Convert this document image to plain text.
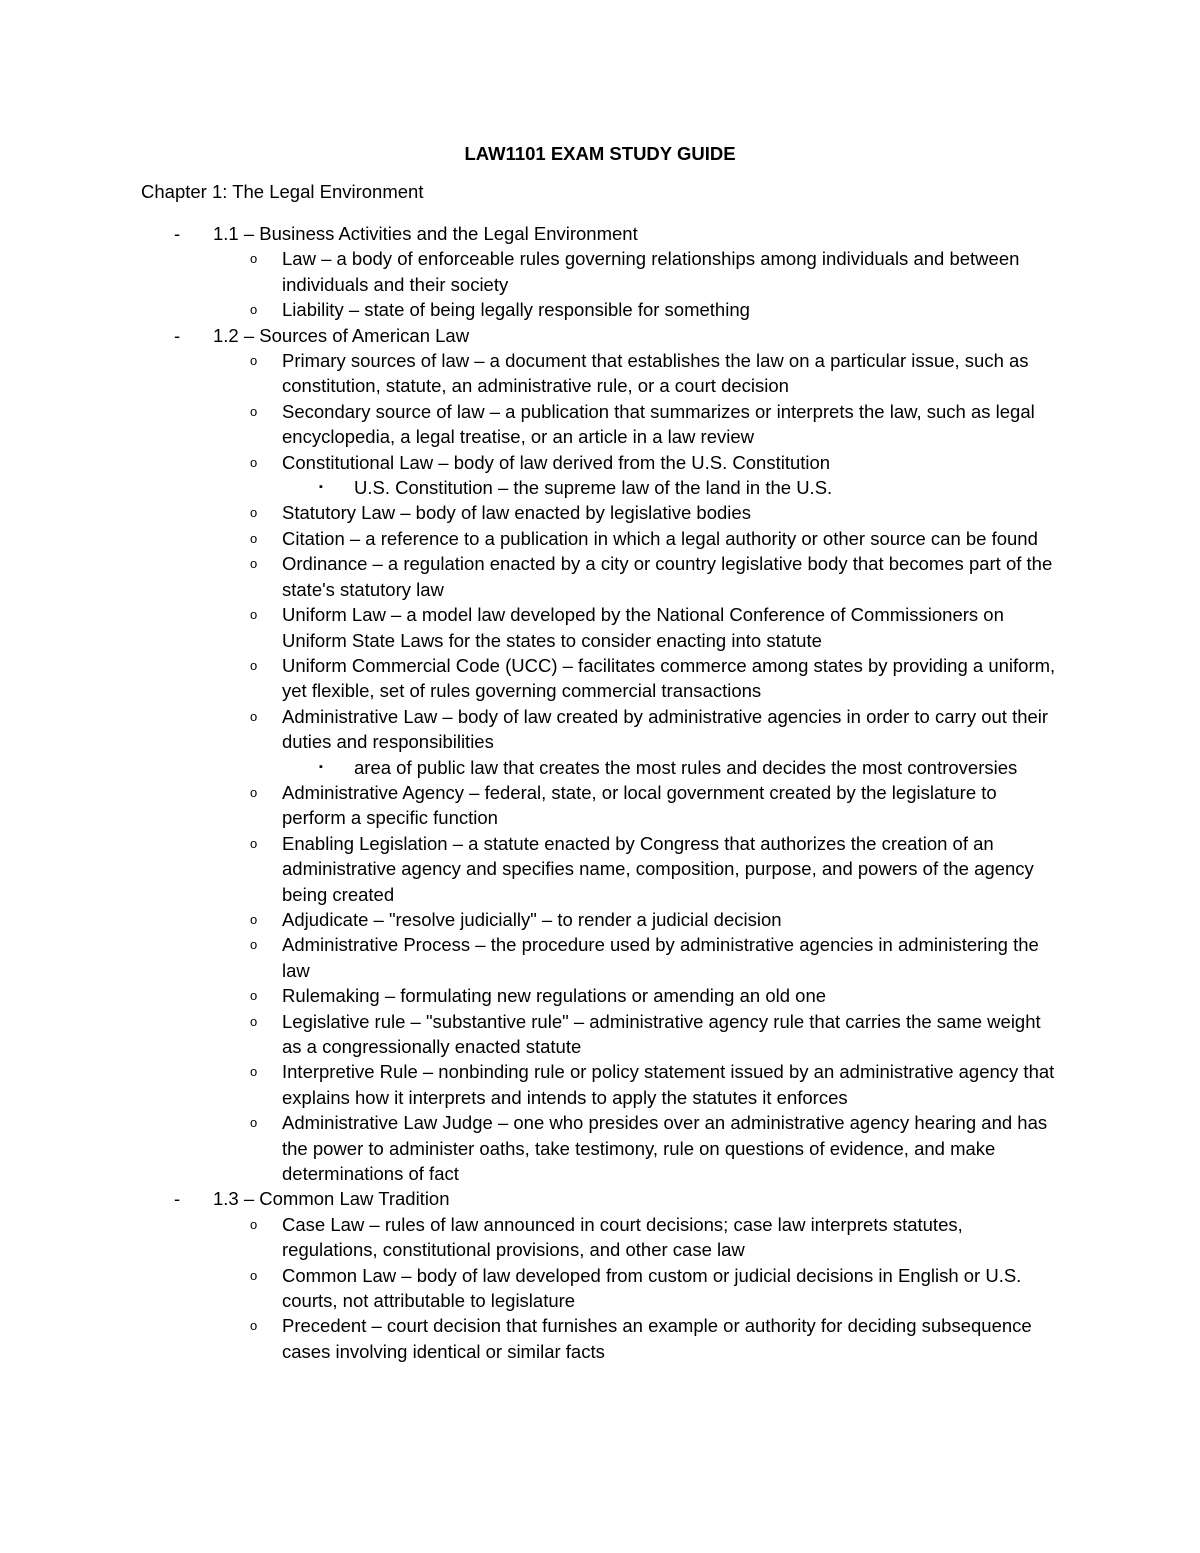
LAW1101 EXAM STUDY GUIDE
Chapter 1: The Legal Environment
- 1.1 – Business Activities and the Legal Environment
o Law – a body of enforceable rules governing relationships among individuals and between individuals and their society
o Liability – state of being legally responsible for something
- 1.2 – Sources of American Law
o Primary sources of law – a document that establishes the law on a particular issue, such as constitution, statute, an administrative rule, or a court decision
o Secondary source of law – a publication that summarizes or interprets the law, such as legal encyclopedia, a legal treatise, or an article in a law review
o Constitutional Law – body of law derived from the U.S. Constitution
▪ U.S. Constitution – the supreme law of the land in the U.S.
o Statutory Law – body of law enacted by legislative bodies
o Citation – a reference to a publication in which a legal authority or other source can be found
o Ordinance – a regulation enacted by a city or country legislative body that becomes part of the state's statutory law
o Uniform Law – a model law developed by the National Conference of Commissioners on Uniform State Laws for the states to consider enacting into statute
o Uniform Commercial Code (UCC) – facilitates commerce among states by providing a uniform, yet flexible, set of rules governing commercial transactions
o Administrative Law – body of law created by administrative agencies in order to carry out their duties and responsibilities
▪ area of public law that creates the most rules and decides the most controversies
o Administrative Agency – federal, state, or local government created by the legislature to perform a specific function
o Enabling Legislation – a statute enacted by Congress that authorizes the creation of an administrative agency and specifies name, composition, purpose, and powers of the agency being created
o Adjudicate – "resolve judicially" – to render a judicial decision
o Administrative Process – the procedure used by administrative agencies in administering the law
o Rulemaking – formulating new regulations or amending an old one
o Legislative rule – "substantive rule" – administrative agency rule that carries the same weight as a congressionally enacted statute
o Interpretive Rule – nonbinding rule or policy statement issued by an administrative agency that explains how it interprets and intends to apply the statutes it enforces
o Administrative Law Judge – one who presides over an administrative agency hearing and has the power to administer oaths, take testimony, rule on questions of evidence, and make determinations of fact
- 1.3 – Common Law Tradition
o Case Law – rules of law announced in court decisions; case law interprets statutes, regulations, constitutional provisions, and other case law
o Common Law – body of law developed from custom or judicial decisions in English or U.S. courts, not attributable to legislature
o Precedent – court decision that furnishes an example or authority for deciding subsequence cases involving identical or similar facts
